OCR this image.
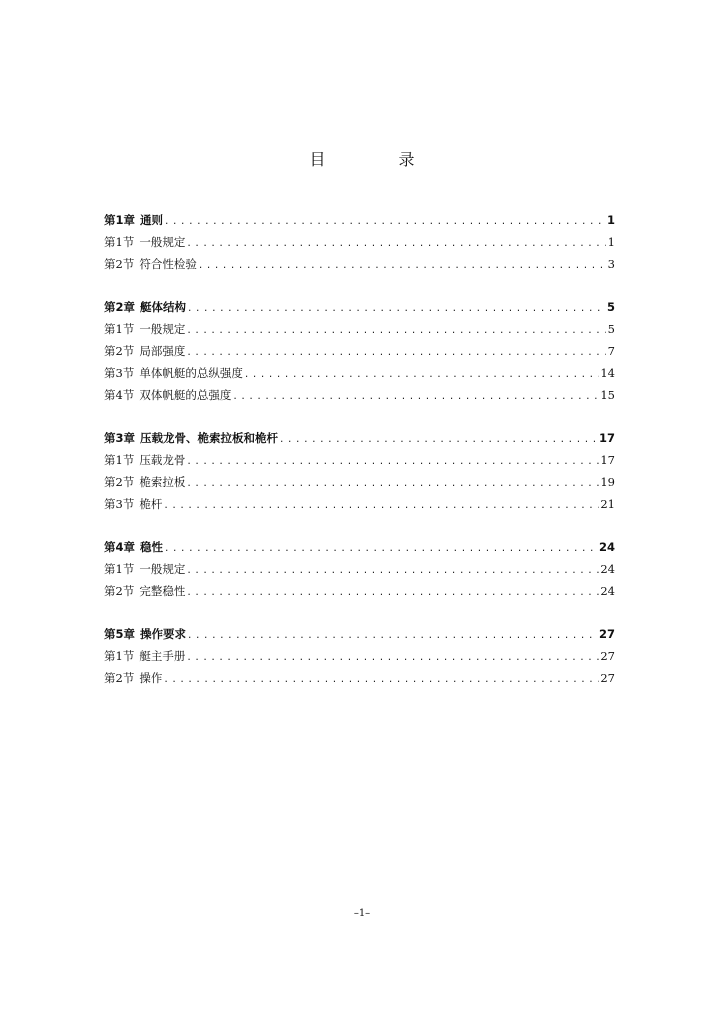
目 录
第1章 通则 .....	1
第1节 一般规定 .....	1
第2节 符合性检验 .....	3
第2章 艇体结构 .....	5
第1节 一般规定 .....	5
第2节 局部强度 .....	7
第3节 单体帆艇的总纵强度 .....	14
第4节 双体帆艇的总强度 .....	15
第3章 压载龙骨、桅索拉板和桅杆 .....	17
第1节 压载龙骨 .....	17
第2节 桅索拉板 .....	19
第3节 桅杆 .....	21
第4章 稳性 .....	24
第1节 一般规定 .....	24
第2节 完整稳性 .....	24
第5章 操作要求 .....	27
第1节 艇主手册 .....	27
第2节 操作 .....	27
–1–
